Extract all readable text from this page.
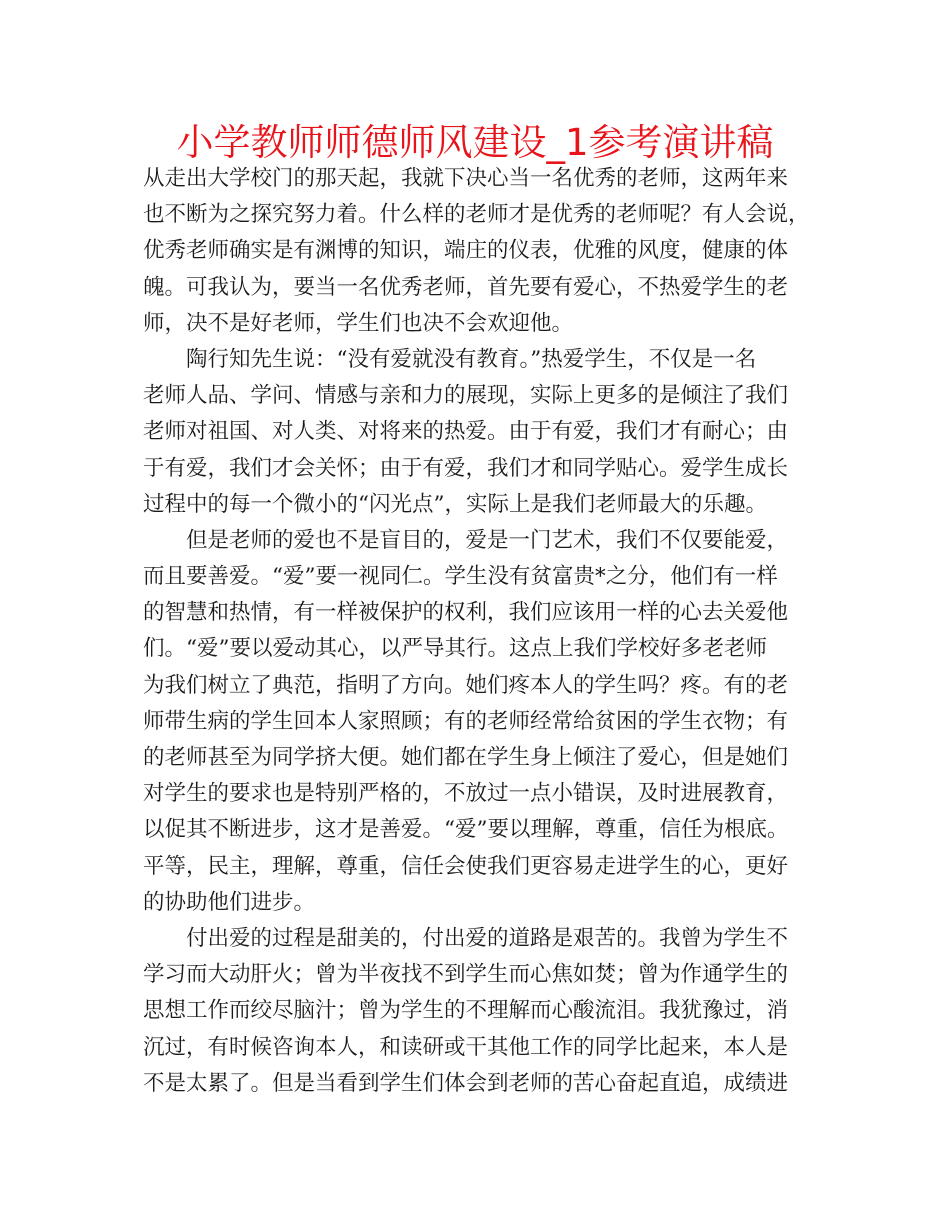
小学教师师德师风建设_1参考演讲稿
从走出大学校门的那天起，我就下决心当一名优秀的老师，这两年来
也不断为之探究努力着。什么样的老师才是优秀的老师呢？有人会说，
优秀老师确实是有渊博的知识，端庄的仪表，优雅的风度，健康的体
魄。可我认为，要当一名优秀老师，首先要有爱心，不热爱学生的老
师，决不是好老师，学生们也决不会欢迎他。
陶行知先生说：“没有爱就没有教育。”热爱学生，不仅是一名
老师人品、学问、情感与亲和力的展现，实际上更多的是倾注了我们
老师对祖国、对人类、对将来的热爱。由于有爱，我们才有耐心；由
于有爱，我们才会关怀；由于有爱，我们才和同学贴心。爱学生成长
过程中的每一个微小的“闪光点”，实际上是我们老师最大的乐趣。
但是老师的爱也不是盲目的，爱是一门艺术，我们不仅要能爱，
而且要善爱。“爱”要一视同仁。学生没有贫富贵*之分，他们有一样
的智慧和热情，有一样被保护的权利，我们应该用一样的心去关爱他
们。“爱”要以爱动其心，以严导其行。这点上我们学校好多老老师
为我们树立了典范，指明了方向。她们疼本人的学生吗？疼。有的老
师带生病的学生回本人家照顾；有的老师经常给贫困的学生衣物；有
的老师甚至为同学挤大便。她们都在学生身上倾注了爱心，但是她们
对学生的要求也是特别严格的，不放过一点小错误，及时进展教育，
以促其不断进步，这才是善爱。“爱”要以理解，尊重，信任为根底。
平等，民主，理解，尊重，信任会使我们更容易走进学生的心，更好
的协助他们进步。
付出爱的过程是甜美的，付出爱的道路是艰苦的。我曾为学生不
学习而大动肝火；曾为半夜找不到学生而心焦如焚；曾为作通学生的
思想工作而绞尽脑汁；曾为学生的不理解而心酸流泪。我犹豫过，消
沉过，有时候咨询本人，和读研或干其他工作的同学比起来，本人是
不是太累了。但是当看到学生们体会到老师的苦心奋起直追，成绩进
